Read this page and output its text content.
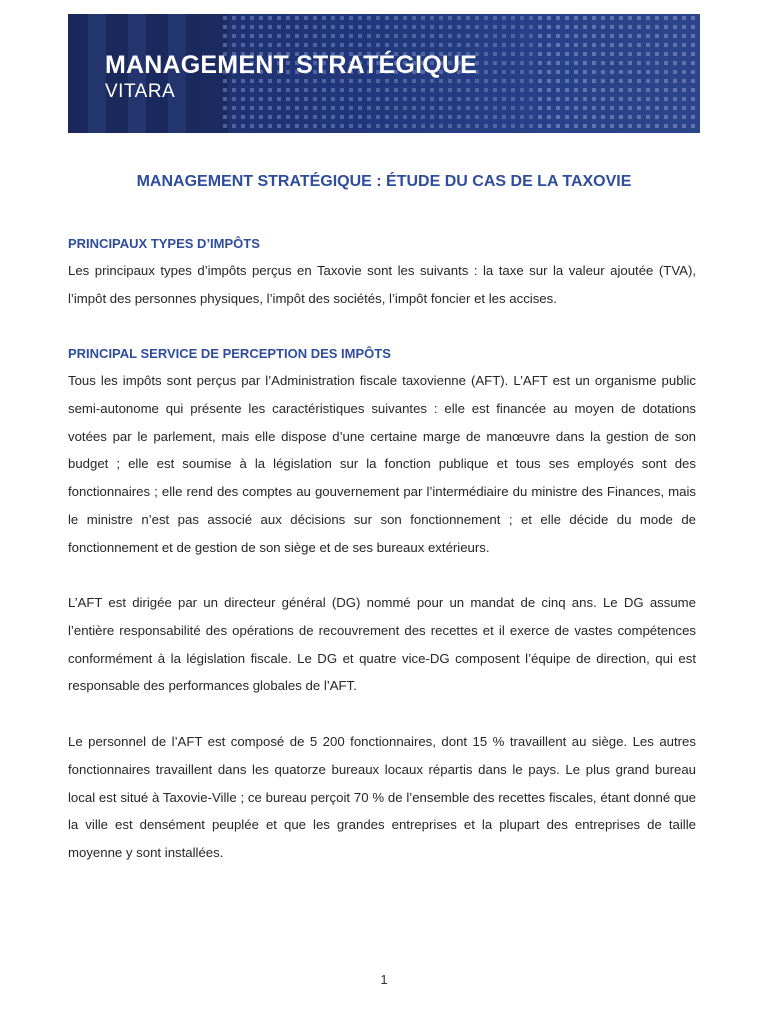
MANAGEMENT STRATÉGIQUE
VITARA
MANAGEMENT STRATÉGIQUE : ÉTUDE DU CAS DE LA TAXOVIE
PRINCIPAUX TYPES D’IMPÔTS

Les principaux types d’impôts perçus en Taxovie sont les suivants : la taxe sur la valeur ajoutée (TVA), l’impôt des personnes physiques, l’impôt des sociétés, l’impôt foncier et les accises.

PRINCIPAL SERVICE DE PERCEPTION DES IMPÔTS

Tous les impôts sont perçus par l’Administration fiscale taxovienne (AFT). L’AFT est un organisme public semi-autonome qui présente les caractéristiques suivantes : elle est financée au moyen de dotations votées par le parlement, mais elle dispose d’une certaine marge de manœuvre dans la gestion de son budget ; elle est soumise à la législation sur la fonction publique et tous ses employés sont des fonctionnaires ; elle rend des comptes au gouvernement par l’intermédiaire du ministre des Finances, mais le ministre n’est pas associé aux décisions sur son fonctionnement ; et elle décide du mode de fonctionnement et de gestion de son siège et de ses bureaux extérieurs.

L’AFT est dirigée par un directeur général (DG) nommé pour un mandat de cinq ans. Le DG assume l’entière responsabilité des opérations de recouvrement des recettes et il exerce de vastes compétences conformément à la législation fiscale. Le DG et quatre vice-DG composent l’équipe de direction, qui est responsable des performances globales de l’AFT.

Le personnel de l’AFT est composé de 5 200 fonctionnaires, dont 15 % travaillent au siège. Les autres fonctionnaires travaillent dans les quatorze bureaux locaux répartis dans le pays. Le plus grand bureau local est situé à Taxovie-Ville ; ce bureau perçoit 70 % de l’ensemble des recettes fiscales, étant donné que la ville est densément peuplée et que les grandes entreprises et la plupart des entreprises de taille moyenne y sont installées.

1
